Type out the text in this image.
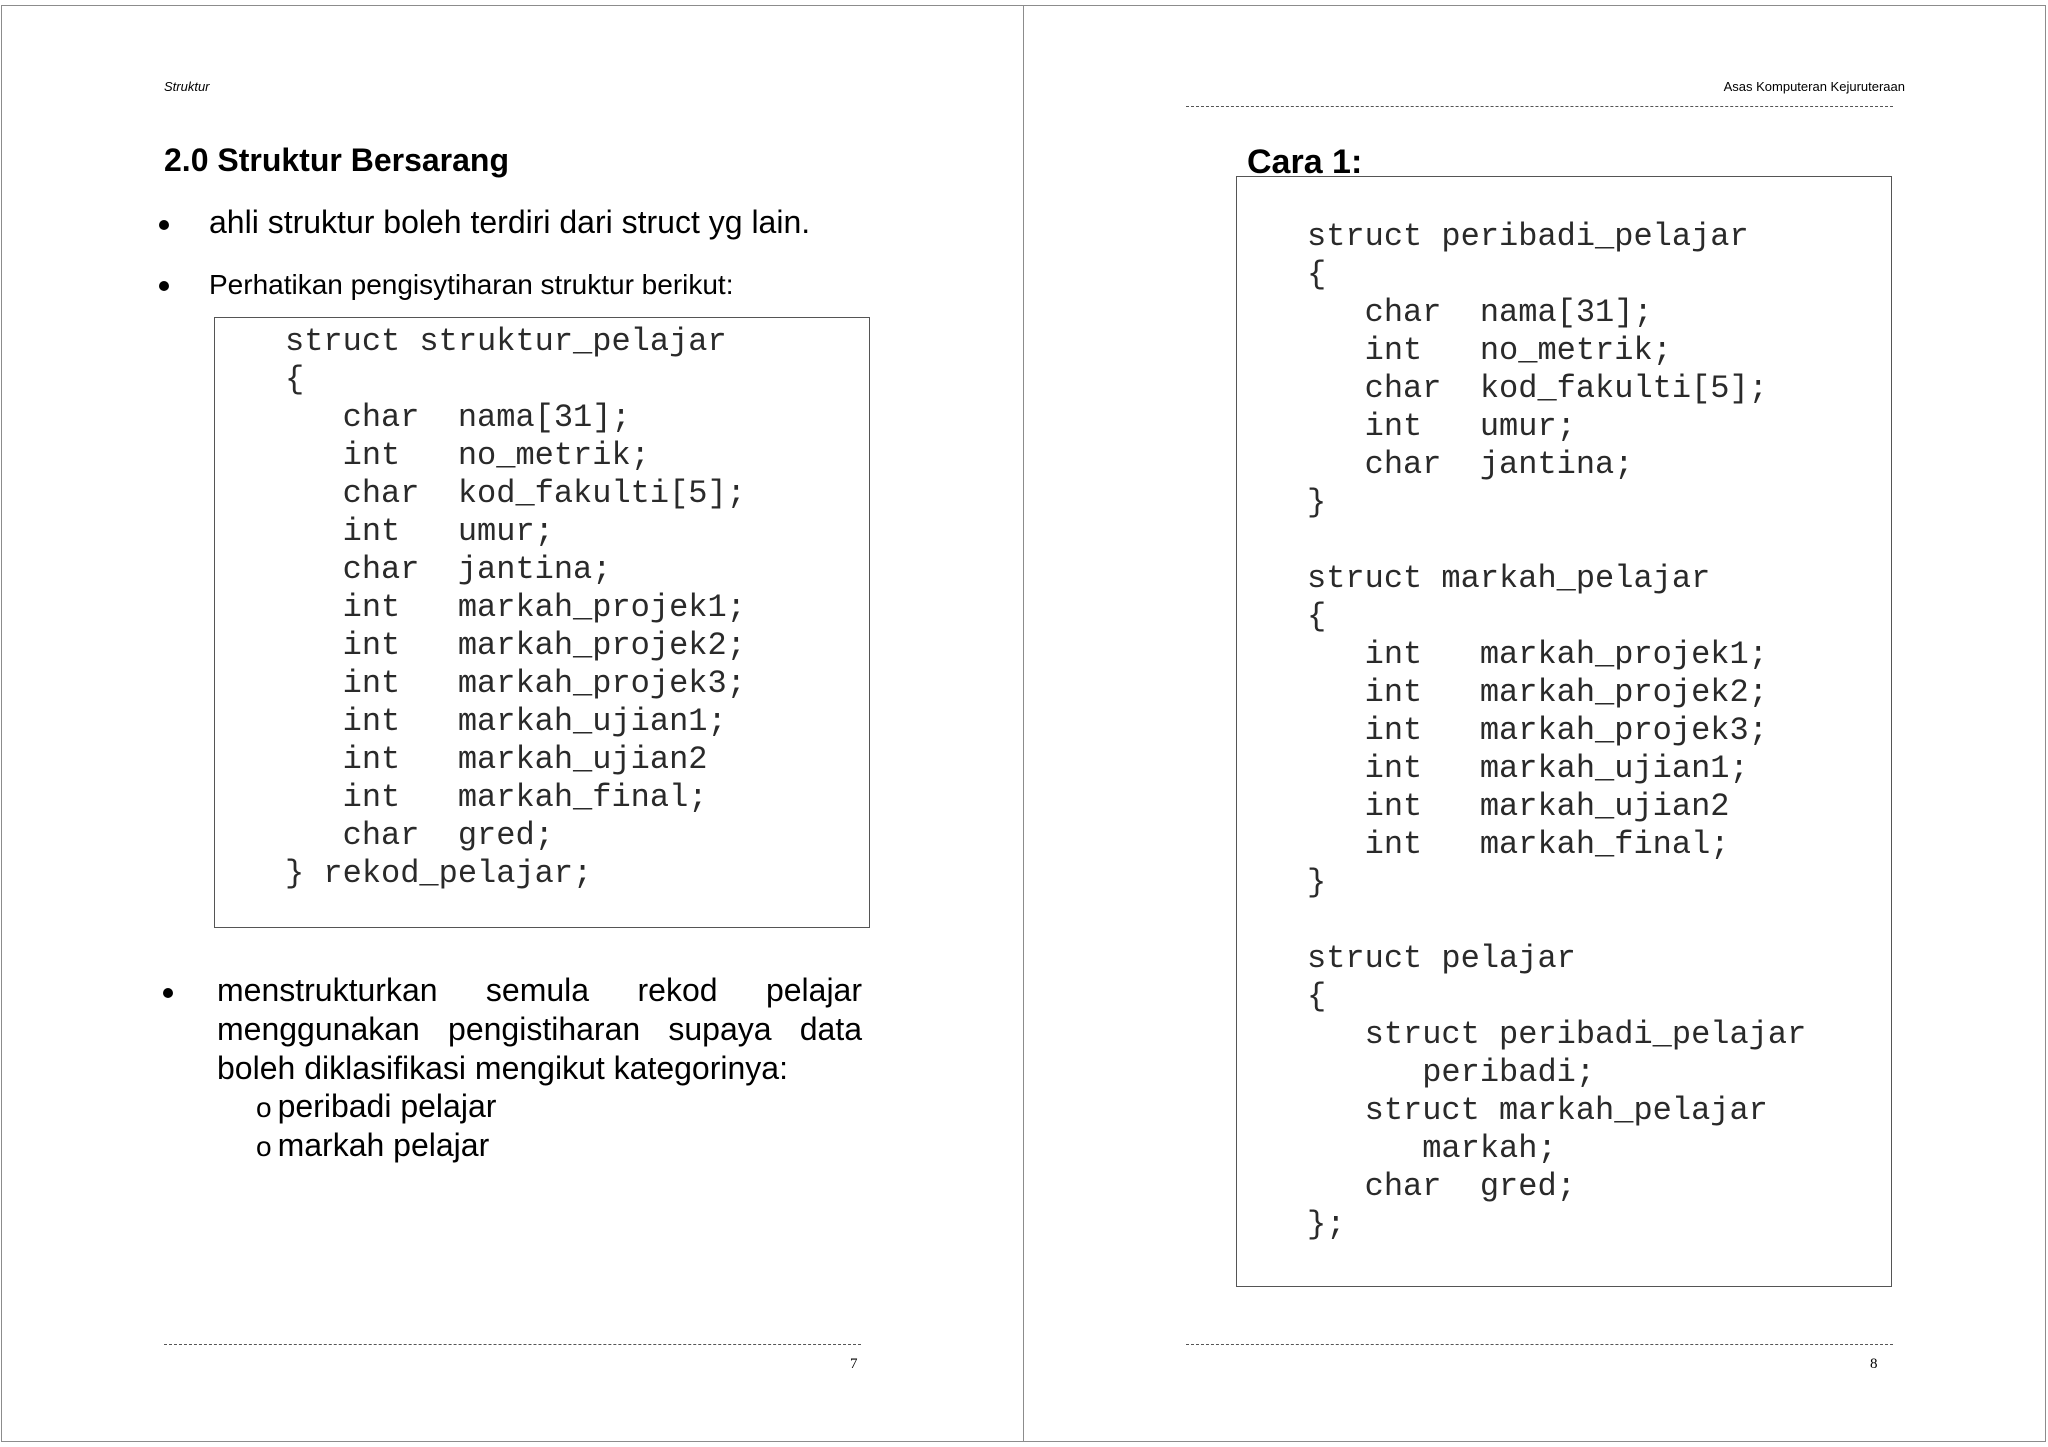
Struktur
2.0 Struktur Bersarang

ahli struktur boleh terdiri dari struct yg lain.

Perhatikan pengisytiharan struktur berikut:

struct struktur_pelajar
{
char  nama[31];
int   no_metrik;
char  kod_fakulti[5];
int   umur;
char  jantina;
int   markah_projek1;
int   markah_projek2;
int   markah_projek3;
int   markah_ujian1;
int   markah_ujian2
int   markah_final;
char  gred;
} rekod_pelajar;

menstrukturkan semula rekod pelajar menggunakan pengistiharan supaya data boleh diklasifikasi mengikut kategorinya:

o peribadi pelajar

o markah pelajar

7
Asas Komputeran Kejuruteraan
Cara 1:
struct peribadi_pelajar
{
char  nama[31];
int   no_metrik;
char  kod_fakulti[5];
int   umur;
char  jantina;
}

struct markah_pelajar
{
int   markah_projek1;
int   markah_projek2;
int   markah_projek3;
int   markah_ujian1;
int   markah_ujian2
int   markah_final;
}

struct pelajar
{
struct peribadi_pelajar
peribadi;
struct markah_pelajar
markah;
char  gred;
};
8
